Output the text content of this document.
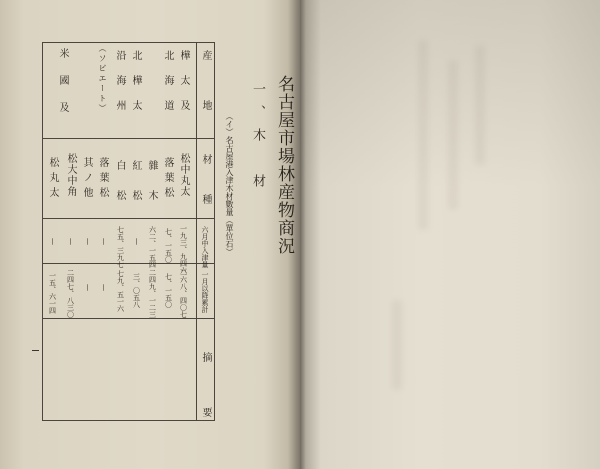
名古屋市場林産物商況
一、木　材
（イ）名古屋港入津木材數量（單位石）
産地
材種
六月中入津量
一月以降累計
摘要
樺太及
北海道
北樺太
沿海州
（ソビエート）
米國及
松中丸太
落葉松
雜木
紅松
白松
落葉松
其ノ他
松大中角
松丸太
一九三、九四六
七、一五〇
六二、一五四
—
七五、三九七
—
—
—
—
二六八、四〇七
七、一五〇
二四九、一二三
三、〇五八
七九、五一六
—
—
二四七、八三〇
一五、六一四
